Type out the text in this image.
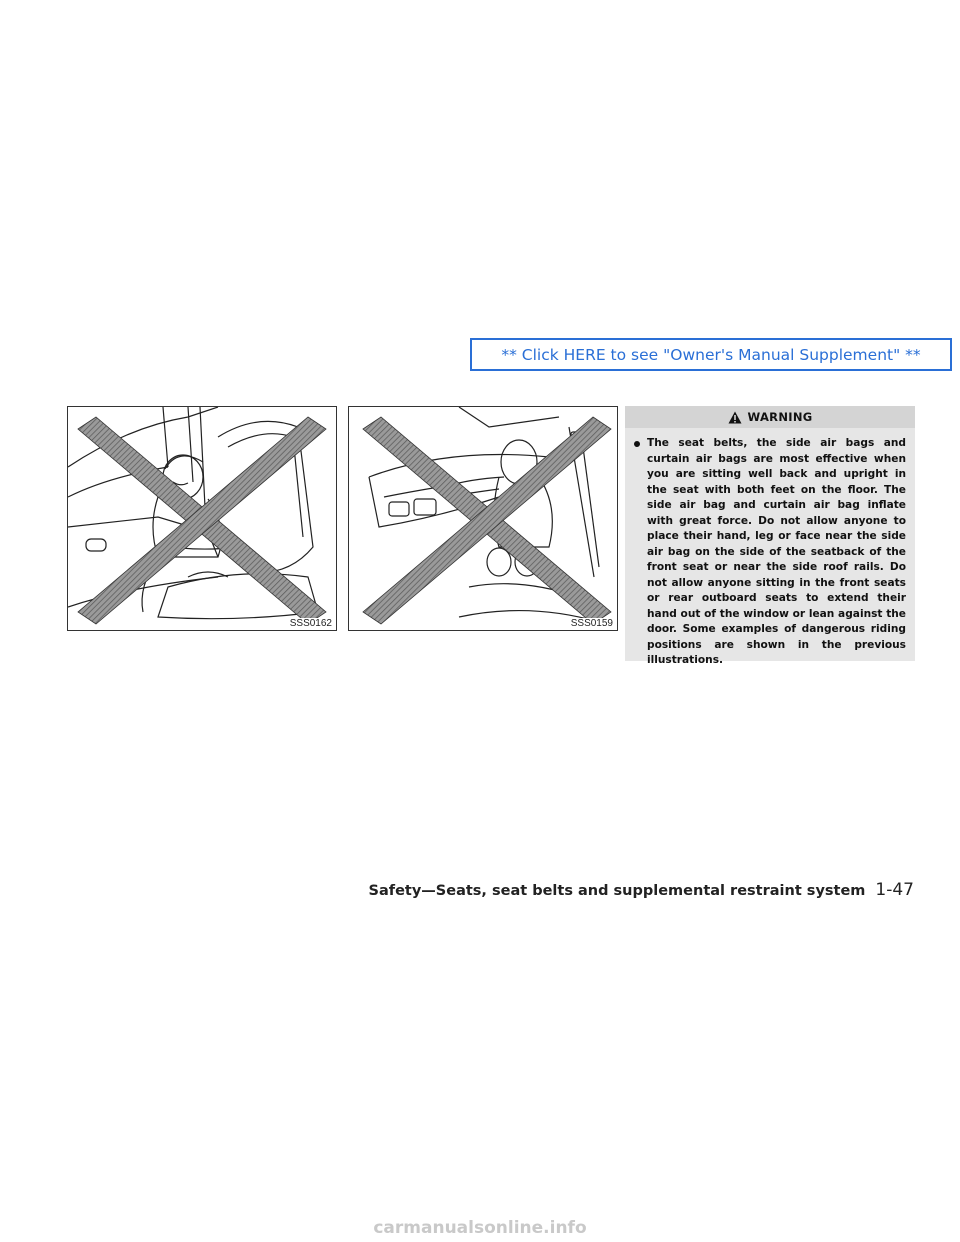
** Click HERE to see "Owner's Manual Supplement" **
SSS0162	SSS0159
WARNING
The seat belts, the side air bags and curtain air bags are most effective when you are sitting well back and upright in the seat with both feet on the floor. The side air bag and curtain air bag inflate with great force. Do not allow anyone to place their hand, leg or face near the side air bag on the side of the seatback of the front seat or near the side roof rails. Do not allow anyone sitting in the front seats or rear outboard seats to extend their hand out of the window or lean against the door. Some examples of dangerous riding positions are shown in the previous illustrations.
Safety—Seats, seat belts and supplemental restraint system 1-47
carmanualsonline.info
